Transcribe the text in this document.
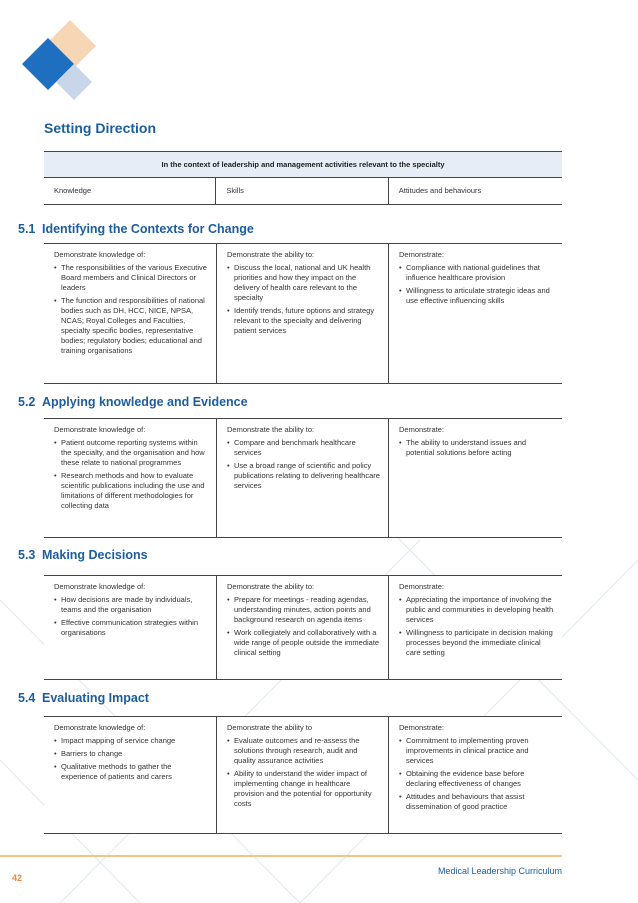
Setting Direction
In the context of leadership and management activities relevant to the specialty
Knowledge	Skills	Attitudes and behaviours
5.1 Identifying the Contexts for Change
Demonstrate knowledge of:
• The responsibilities of the various Executive Board members and Clinical Directors or leaders
• The function and responsibilities of national bodies such as DH, HCC, NICE, NPSA, NCAS; Royal Colleges and Faculties, specialty specific bodies, representative bodies; regulatory bodies; educational and training organisations
Demonstrate the ability to:
• Discuss the local, national and UK health priorities and how they impact on the delivery of health care relevant to the specialty
• Identify trends, future options and strategy relevant to the specialty and delivering patient services
Demonstrate:
• Compliance with national guidelines that influence healthcare provision
• Willingness to articulate strategic ideas and use effective influencing skills
5.2 Applying knowledge and Evidence
Demonstrate knowledge of:
• Patient outcome reporting systems within the specialty, and the organisation and how these relate to national programmes
• Research methods and how to evaluate scientific publications including the use and limitations of different methodologies for collecting data
Demonstrate the ability to:
• Compare and benchmark healthcare services
• Use a broad range of scientific and policy publications relating to delivering healthcare services
Demonstrate:
• The ability to understand issues and potential solutions before acting
5.3 Making Decisions
Demonstrate knowledge of:
• How decisions are made by individuals, teams and the organisation
• Effective communication strategies within organisations
Demonstrate the ability to:
• Prepare for meetings - reading agendas, understanding minutes, action points and background research on agenda items
• Work collegiately and collaboratively with a wide range of people outside the immediate clinical setting
Demonstrate:
• Appreciating the importance of involving the public and communities in developing health services
• Willingness to participate in decision making processes beyond the immediate clinical care setting
5.4 Evaluating Impact
Demonstrate knowledge of:
• Impact mapping of service change
• Barriers to change
• Qualitative methods to gather the experience of patients and carers
Demonstrate the ability to
• Evaluate outcomes and re-assess the solutions through research, audit and quality assurance activities
• Ability to understand the wider impact of implementing change in healthcare provision and the potential for opportunity costs
Demonstrate:
• Commitment to implementing proven improvements in clinical practice and services
• Obtaining the evidence base before declaring effectiveness of changes
• Attitudes and behaviours that assist dissemination of good practice
Medical Leadership Curriculum
42
